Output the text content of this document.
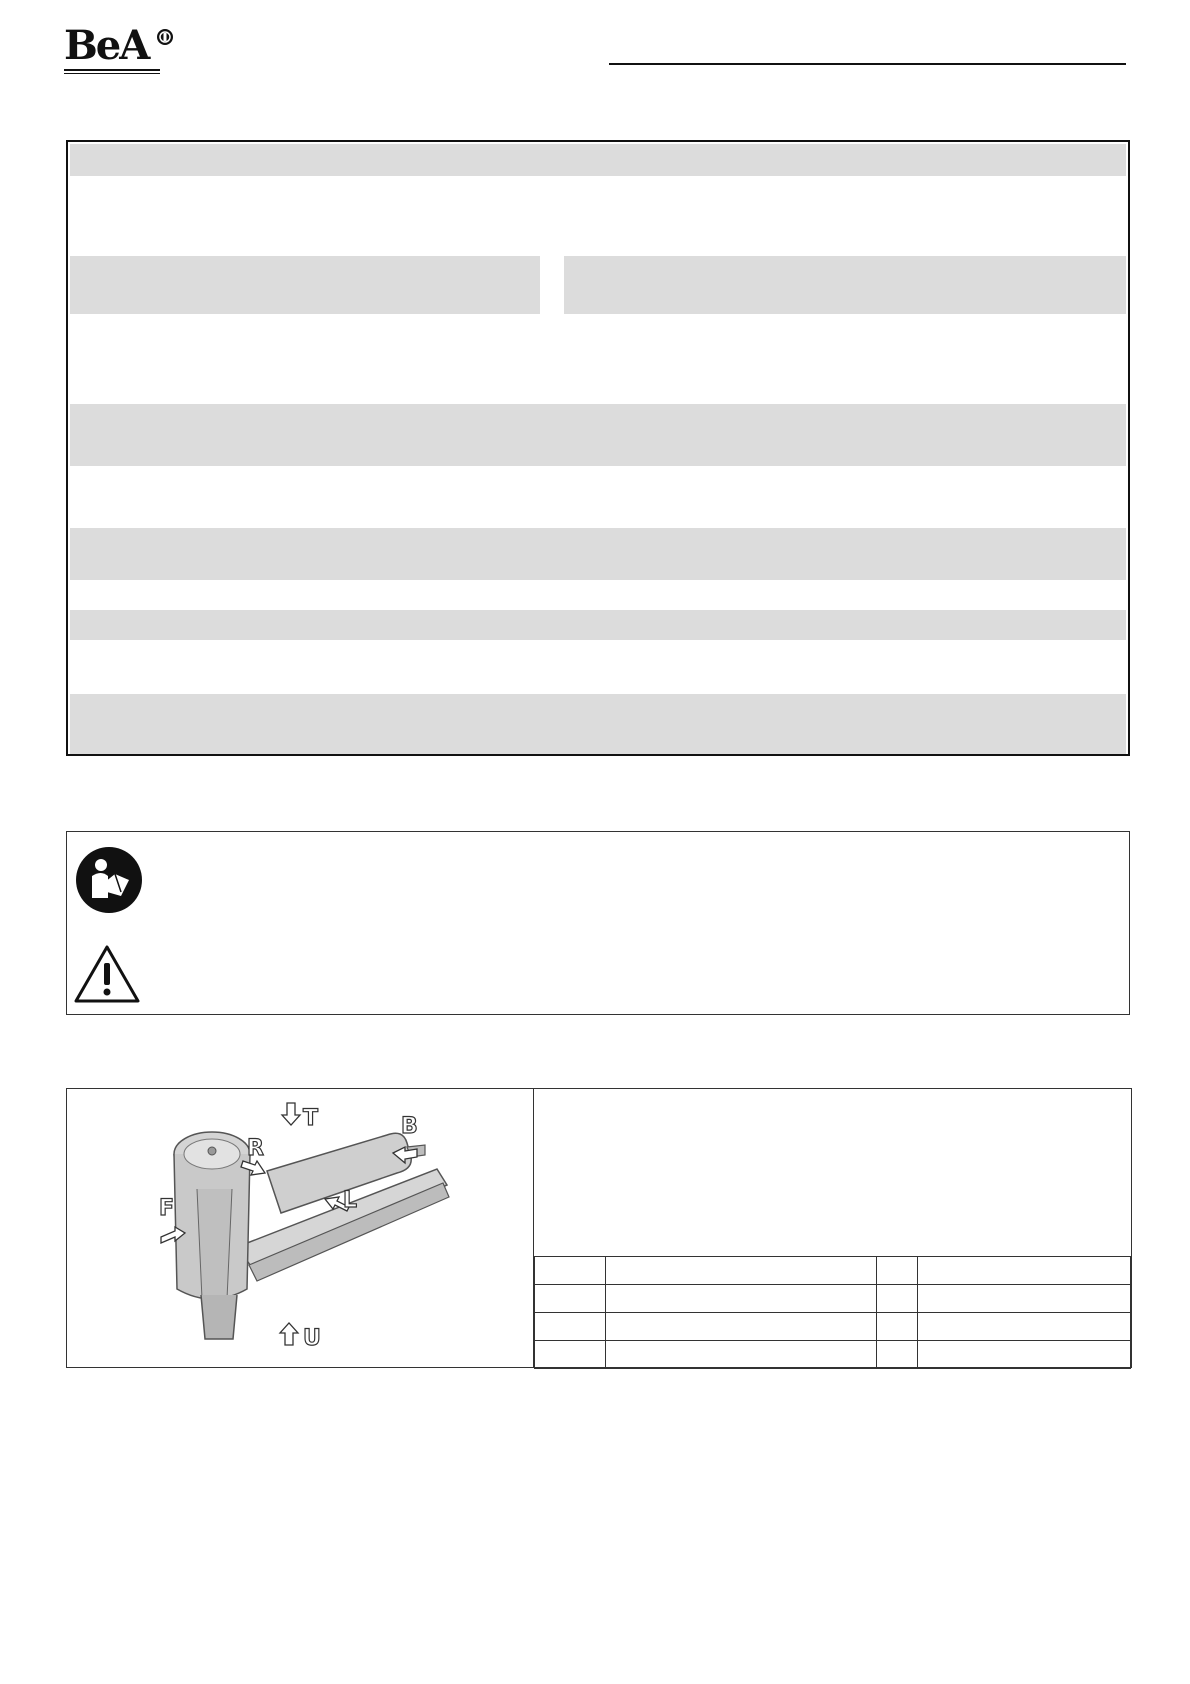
BeA
T	B
R
L
F
U
